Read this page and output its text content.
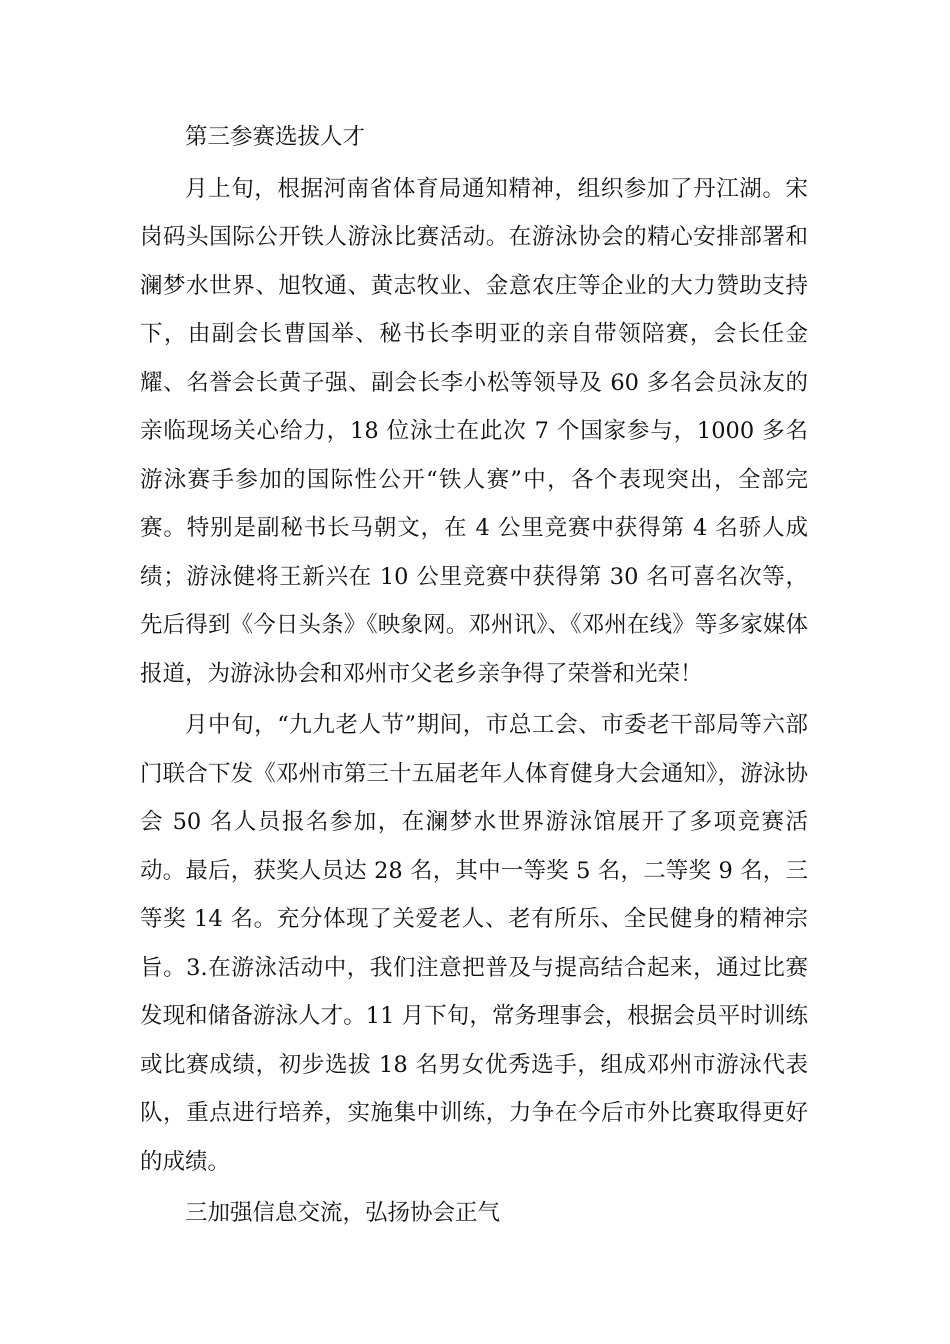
第三参赛选拔人才

月上旬，根据河南省体育局通知精神，组织参加了丹江湖。宋岗码头国际公开铁人游泳比赛活动。在游泳协会的精心安排部署和澜梦水世界、旭牧通、黄志牧业、金意农庄等企业的大力赞助支持下，由副会长曹国举、秘书长李明亚的亲自带领陪赛，会长任金耀、名誉会长黄子强、副会长李小松等领导及 60 多名会员泳友的亲临现场关心给力，18 位泳士在此次 7 个国家参与，1000 多名游泳赛手参加的国际性公开“铁人赛”中，各个表现突出，全部完赛。特别是副秘书长马朝文，在 4 公里竞赛中获得第 4 名骄人成绩；游泳健将王新兴在 10 公里竞赛中获得第 30 名可喜名次等，先后得到《今日头条》《映象网。邓州讯》、《邓州在线》等多家媒体报道，为游泳协会和邓州市父老乡亲争得了荣誉和光荣！

月中旬，“九九老人节”期间，市总工会、市委老干部局等六部门联合下发《邓州市第三十五届老年人体育健身大会通知》，游泳协会 50 名人员报名参加，在澜梦水世界游泳馆展开了多项竞赛活动。最后，获奖人员达 28 名，其中一等奖 5 名，二等奖 9 名，三等奖 14 名。充分体现了关爱老人、老有所乐、全民健身的精神宗旨。3.在游泳活动中，我们注意把普及与提高结合起来，通过比赛发现和储备游泳人才。11 月下旬，常务理事会，根据会员平时训练或比赛成绩，初步选拔 18 名男女优秀选手，组成邓州市游泳代表队，重点进行培养，实施集中训练，力争在今后市外比赛取得更好的成绩。

三加强信息交流，弘扬协会正气
